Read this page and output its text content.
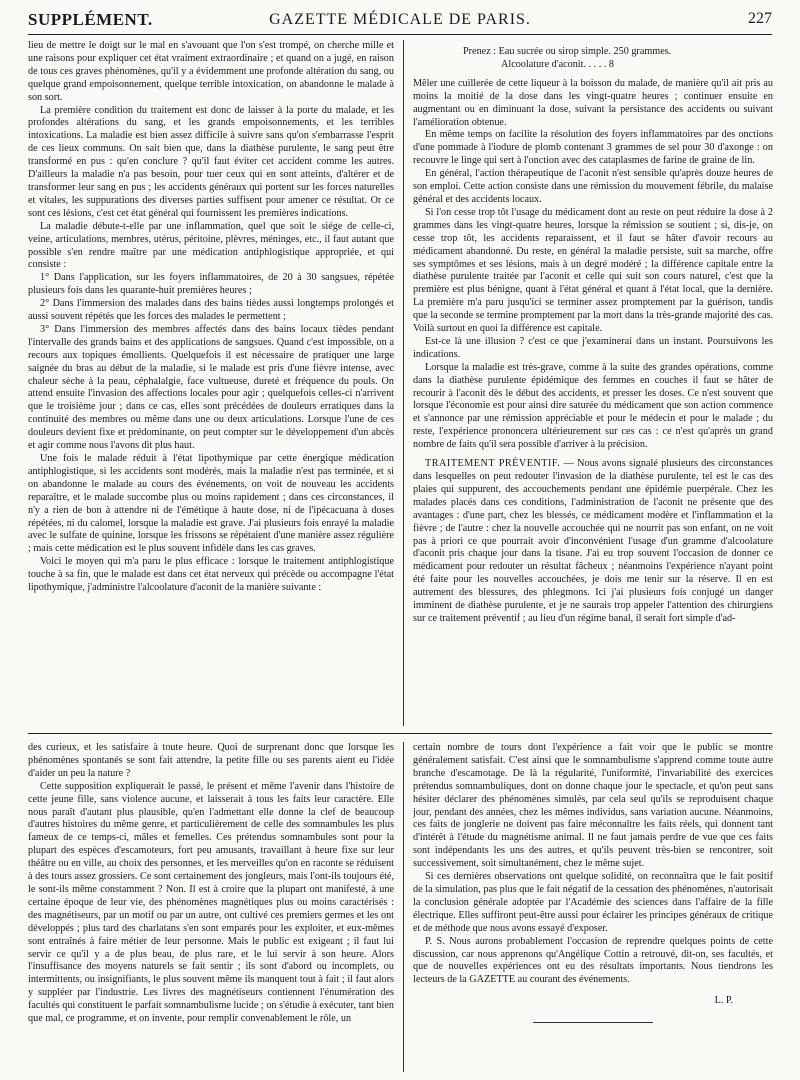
SUPPLÉMENT.	GAZETTE MÉDICALE DE PARIS.	227

lieu de mettre le doigt sur le mal en s'avouant que l'on s'est trompé, on cherche mille et une raisons pour expliquer cet état vraiment extraordinaire ; et quand on a jugé, en raison de tous ces graves phénomènes, qu'il y a évidemment une profonde altération du sang, ou quelque grand empoisonnement, quelque terrible intoxication, on abandonne le malade à son sort.

La première condition du traitement est donc de laisser à la porte du malade, et les profondes altérations du sang, et les grands empoisonnements, et les terribles intoxications. La maladie est bien assez difficile à suivre sans qu'on s'embarrasse l'esprit de ces lieux communs. On sait bien que, dans la diathèse purulente, le sang peut être transformé en pus : qu'en conclure ? qu'il faut éviter cet accident comme les autres. D'ailleurs la maladie n'a pas besoin, pour tuer ceux qui en sont atteints, d'altérer et de transformer leur sang en pus ; les accidents généraux qui portent sur les forces naturelles et vitales, les suppurations des diverses parties suffisent pour amener ce résultat. Or ce sont ces lésions, c'est cet état général qui fournissent les premières indications.

La maladie débute-t-elle par une inflammation, quel que soit le siége de celle-ci, veine, articulations, membres, utérus, péritoine, plèvres, méninges, etc., il faut autant que possible s'en rendre maître par une médication antiphlogistique appropriée, et qui consiste :

1° Dans l'application, sur les foyers inflammatoires, de 20 à 30 sangsues, répétée plusieurs fois dans les quarante-huit premières heures ;

2° Dans l'immersion des malades dans des bains tièdes aussi longtemps prolongés et aussi souvent répétés que les forces des malades le permettent ;

3° Dans l'immersion des membres affectés dans des bains locaux tièdes pendant l'intervalle des grands bains et des applications de sangsues. Quand c'est impossible, on a recours aux topiques émollients. Quelquefois il est nécessaire de pratiquer une large saignée du bras au début de la maladie, si le malade est pris d'une fièvre intense, avec chaleur sèche à la peau, céphalalgie, face vultueuse, dureté et fréquence du pouls. On attend ensuite l'invasion des affections locales pour agir ; quelquefois celles-ci n'arrivent que le troisième jour ; dans ce cas, elles sont précédées de douleurs erratiques dans la continuité des membres ou même dans une ou deux articulations. Lorsque l'une de ces douleurs devient fixe et prédominante, on peut compter sur le développement d'un abcès et agir comme nous l'avons dit plus haut.

Une fois le malade réduit à l'état lipothymique par cette énergique médication antiphlogistique, si les accidents sont modérés, mais la maladie n'est pas terminée, et si on abandonne le malade au cours des événements, on voit de nouveau les accidents reparaître, et le malade succombe plus ou moins rapidement ; dans ces circonstances, il n'y a rien de bon à attendre ni de l'émétique à haute dose, ni de l'ipécacuana à doses répétées, ni du calomel, lorsque la maladie est grave. J'ai plusieurs fois enrayé la maladie avec le sulfate de quinine, lorsque les frissons se répétaient d'une manière assez régulière ; mais cette médication est le plus souvent infidèle dans les cas graves.

Voici le moyen qui m'a paru le plus efficace : lorsque le traitement antiphlogistique touche à sa fin, que le malade est dans cet état nerveux qui précède ou accompagne l'état lipothymique, j'administre l'alcoolature d'aconit de la manière suivante :

Prenez : Eau sucrée ou sirop simple. 250 grammes.
Alcoolature d'aconit. . . . . 8

Mêler une cuillerée de cette liqueur à la boisson du malade, de manière qu'il ait pris au moins la moitié de la dose dans les vingt-quatre heures ; continuer ensuite en augmentant ou en diminuant la dose, suivant la persistance des accidents ou suivant l'amélioration obtenue.

En même temps on facilite la résolution des foyers inflammatoires par des onctions d'une pommade à l'iodure de plomb contenant 3 grammes de sel pour 30 d'axonge : on recouvre le linge qui sert à l'onction avec des cataplasmes de farine de graine de lin.

En général, l'action thérapeutique de l'aconit n'est sensible qu'après douze heures de son emploi. Cette action consiste dans une rémission du mouvement fébrile, du malaise général et des accidents locaux.

Si l'on cesse trop tôt l'usage du médicament dont au reste on peut réduire la dose à 2 grammes dans les vingt-quatre heures, lorsque la rémission se soutient ; si, dis-je, on cesse trop tôt, les accidents reparaissent, et il faut se hâter d'avoir recours au médicament abandonné. Du reste, en général la maladie persiste, suit sa marche, offre ses symptômes et ses lésions, mais à un degré modéré ; la différence capitale entre la diathèse purulente traitée par l'aconit et celle qui suit son cours naturel, c'est que la première est plus bénigne, quant à l'état général et quant à l'état local, que la dernière. La première m'a paru jusqu'ici se terminer assez promptement par la guérison, tandis que la seconde se termine promptement par la mort dans la très-grande majorité des cas. Voilà surtout en quoi la différence est capitale.

Est-ce là une illusion ? c'est ce que j'examinerai dans un instant. Poursuivons les indications.

Lorsque la maladie est très-grave, comme à la suite des grandes opérations, comme dans la diathèse purulente épidémique des femmes en couches il faut se hâter de recourir à l'aconit dès le début des accidents, et presser les doses. Ce n'est souvent que lorsque l'économie est pour ainsi dire saturée du médicament que son action commence et s'annonce par une rémission appréciable et pour le médecin et pour le malade ; du reste, l'expérience prononcera ultérieurement sur ces cas : ce n'est qu'après un grand nombre de faits qu'il sera possible d'arriver à la précision.

TRAITEMENT PRÉVENTIF. — Nous avons signalé plusieurs des circonstances dans lesquelles on peut redouter l'invasion de la diathèse purulente, tel est le cas des plaies qui suppurent, des accouchements pendant une épidémie puerpérale. Chez les malades placés dans ces conditions, l'administration de l'aconit ne présente que des avantages : d'une part, chez les blessés, ce médicament modère et l'inflammation et la fièvre ; de l'autre : chez la nouvelle accouchée qui ne nourrit pas son enfant, on ne voit pas à priori ce que pourrait avoir d'inconvénient l'usage d'un gramme d'alcoolature d'aconit pris chaque jour dans la tisane. J'ai eu trop souvent l'occasion de donner ce médicament pour redouter un résultat fâcheux ; néanmoins l'expérience n'ayant point été faite pour les nouvelles accouchées, je dois me tenir sur la réserve. Il en est autrement des blessures, des phlegmons. Ici j'ai plusieurs fois conjugé un danger imminent de diathèse purulente, et je ne saurais trop appeler l'attention des chirurgiens sur ce traitement préventif ; au lieu d'un régime banal, il serait fort simple d'ad-

des curieux, et les satisfaire à toute heure. Quoi de surprenant donc que lorsque les phénomènes spontanés se sont fait attendre, la petite fille ou ses parents aient eu l'idée d'aider un peu la nature ?

Cette supposition expliquerait le passé, le présent et même l'avenir dans l'histoire de cette jeune fille, sans violence aucune, et laisserait à tous les faits leur caractère. Elle nous paraît d'autant plus plausible, qu'en l'admettant elle donne la clef de beaucoup d'autres histoires du même genre, et particulièrement de celle des somnambules les plus fameux de ce temps-ci, mâles et femelles. Ces prétendus somnambules sont pour la plupart des espèces d'escamoteurs, fort peu amusants, travaillant à heure fixe sur leur théâtre ou en ville, au choix des personnes, et les merveilles qu'on en raconte se réduisent à des tours assez grossiers. Ce sont certainement des jongleurs, mais l'ont-ils toujours été, le sont-ils même constamment ? Non. Il est à croire que la plupart ont manifesté, à une certaine époque de leur vie, des phénomènes magnétiques plus ou moins caractérisés : des magnétiseurs, par un motif ou par un autre, ont cultivé ces premiers germes et les ont développés ; plus tard des charlatans s'en sont emparés pour les exploiter, et eux-mêmes sont entraînés à faire métier de leur personne. Mais le public est exigeant ; il faut lui servir ce qu'il y a de plus beau, de plus rare, et le lui servir à son heure. Alors l'insuffisance des moyens naturels se fait sentir ; ils sont d'abord ou incomplets, ou intermittents, ou insignifiants, le plus souvent même ils manquent tout à fait ; il faut alors y suppléer par l'industrie. Les livres des magnétiseurs contiennent l'énumération des facultés qui constituent le parfait somnambulisme lucide ; on s'étudie à exécuter, tant bien que mal, ce programme, et on invente, pour remplir convenablement le rôle, un

certain nombre de tours dont l'expérience a fait voir que le public se montre généralement satisfait. C'est ainsi que le somnambulisme s'apprend comme toute autre branche d'escamotage. De là la régularité, l'uniformité, l'invariabilité des exercices prétendus somnambuliques, dont on donne chaque jour le spectacle, et qu'on peut sans hésiter déclarer des phénomènes simulés, par cela seul qu'ils se reproduisent chaque jour, pendant des années, chez les mêmes individus, sans variation aucune. Néanmoins, ces faits de jonglerie ne doivent pas faire méconnaître les faits réels, qui donnent tant d'intérêt à l'étude du magnétisme animal. Il ne faut jamais perdre de vue que ces faits sont indépendants les uns des autres, et qu'ils peuvent très-bien se rencontrer, soit successivement, soit simultanément, chez le même sujet.

Si ces dernières observations ont quelque solidité, on reconnaîtra que le fait positif de la simulation, pas plus que le fait négatif de la cessation des phénomènes, n'autorisait la conclusion générale adoptée par l'Académie des sciences dans l'affaire de la fille électrique. Elles suffiront peut-être aussi pour éclairer les principes généraux de critique et de méthode que nous avons essayé d'exposer.

P. S. Nous aurons probablement l'occasion de reprendre quelques points de cette discussion, car nous apprenons qu'Angélique Cottin a retrouvé, dit-on, ses facultés, et que de nouvelles expériences ont eu des résultats importants. Nous tiendrons les lecteurs de la GAZETTE au courant des événements.

L. P.
